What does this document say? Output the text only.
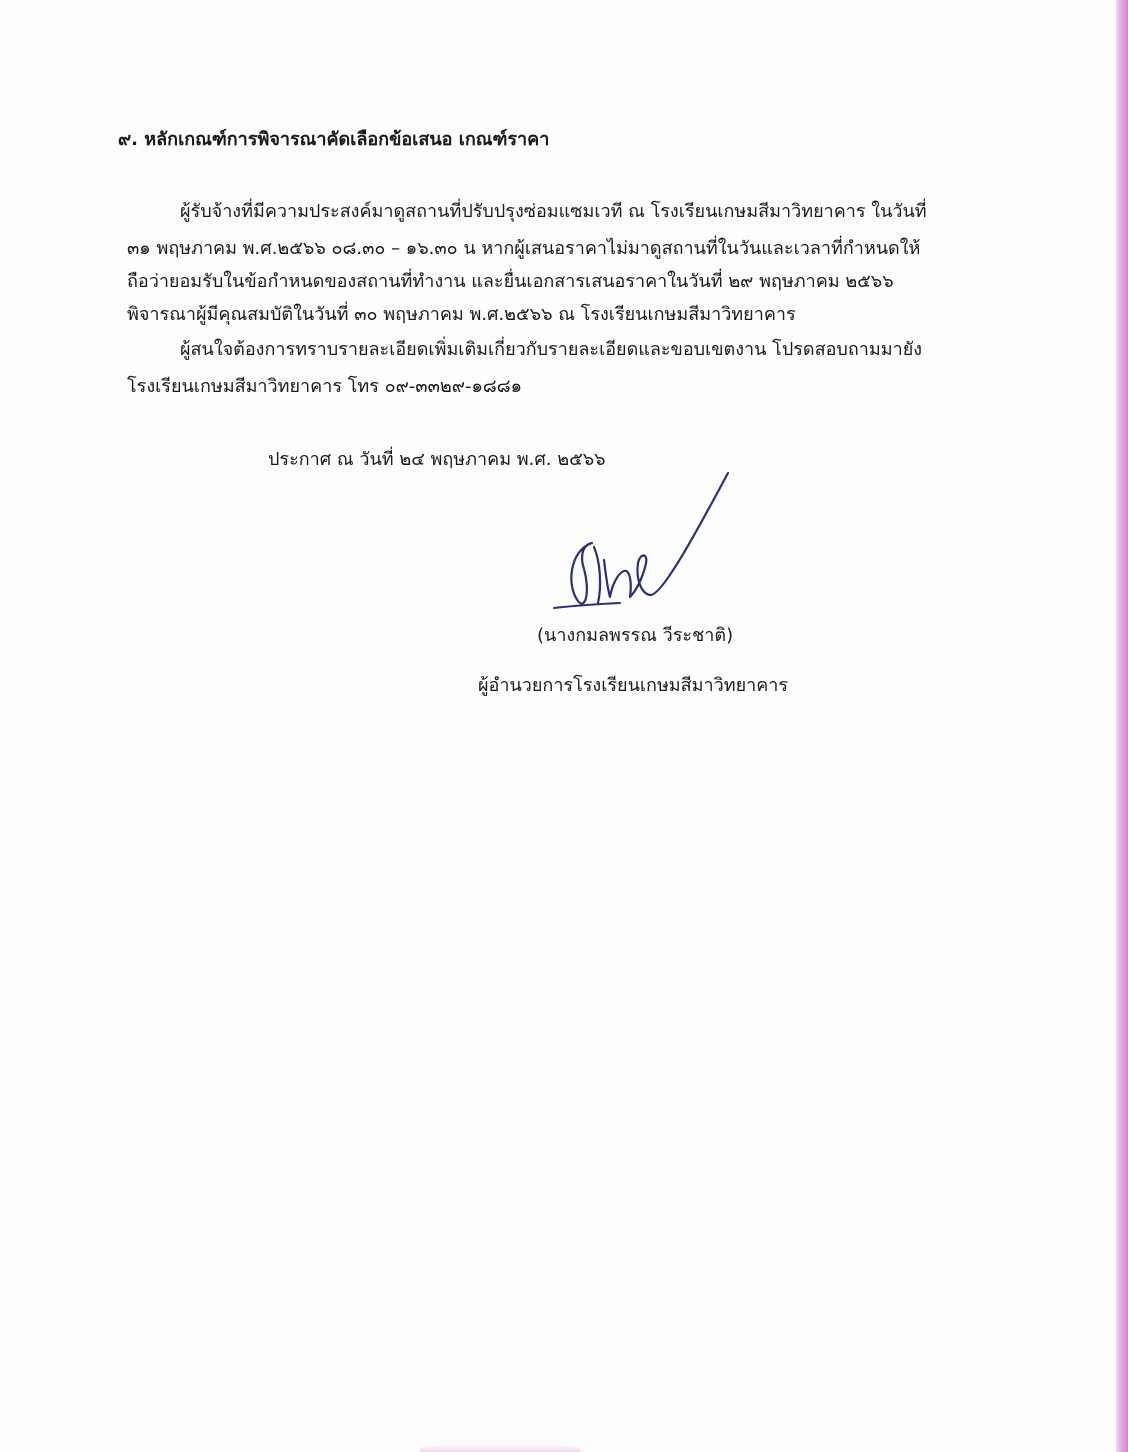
๙. หลักเกณฑ์การพิจารณาคัดเลือกข้อเสนอ เกณฑ์ราคา

ผู้รับจ้างที่มีความประสงค์มาดูสถานที่ปรับปรุงซ่อมแซมเวที ณ โรงเรียนเกษมสีมาวิทยาคาร ในวันที่

๓๑ พฤษภาคม พ.ศ.๒๕๖๖ ๐๘.๓๐ – ๑๖.๓๐ น หากผู้เสนอราคาไม่มาดูสถานที่ในวันและเวลาที่กำหนดให้

ถือว่ายอมรับในข้อกำหนดของสถานที่ทำงาน และยื่นเอกสารเสนอราคาในวันที่ ๒๙ พฤษภาคม ๒๕๖๖

พิจารณาผู้มีคุณสมบัติในวันที่ ๓๐ พฤษภาคม พ.ศ.๒๕๖๖ ณ โรงเรียนเกษมสีมาวิทยาคาร

ผู้สนใจต้องการทราบรายละเอียดเพิ่มเติมเกี่ยวกับรายละเอียดและขอบเขตงาน โปรดสอบถามมายัง

โรงเรียนเกษมสีมาวิทยาคาร โทร ๐๙-๓๓๒๙-๑๘๘๑

ประกาศ ณ วันที่ ๒๔ พฤษภาคม พ.ศ. ๒๕๖๖

(นางกมลพรรณ วีระชาติ)

ผู้อำนวยการโรงเรียนเกษมสีมาวิทยาคาร
